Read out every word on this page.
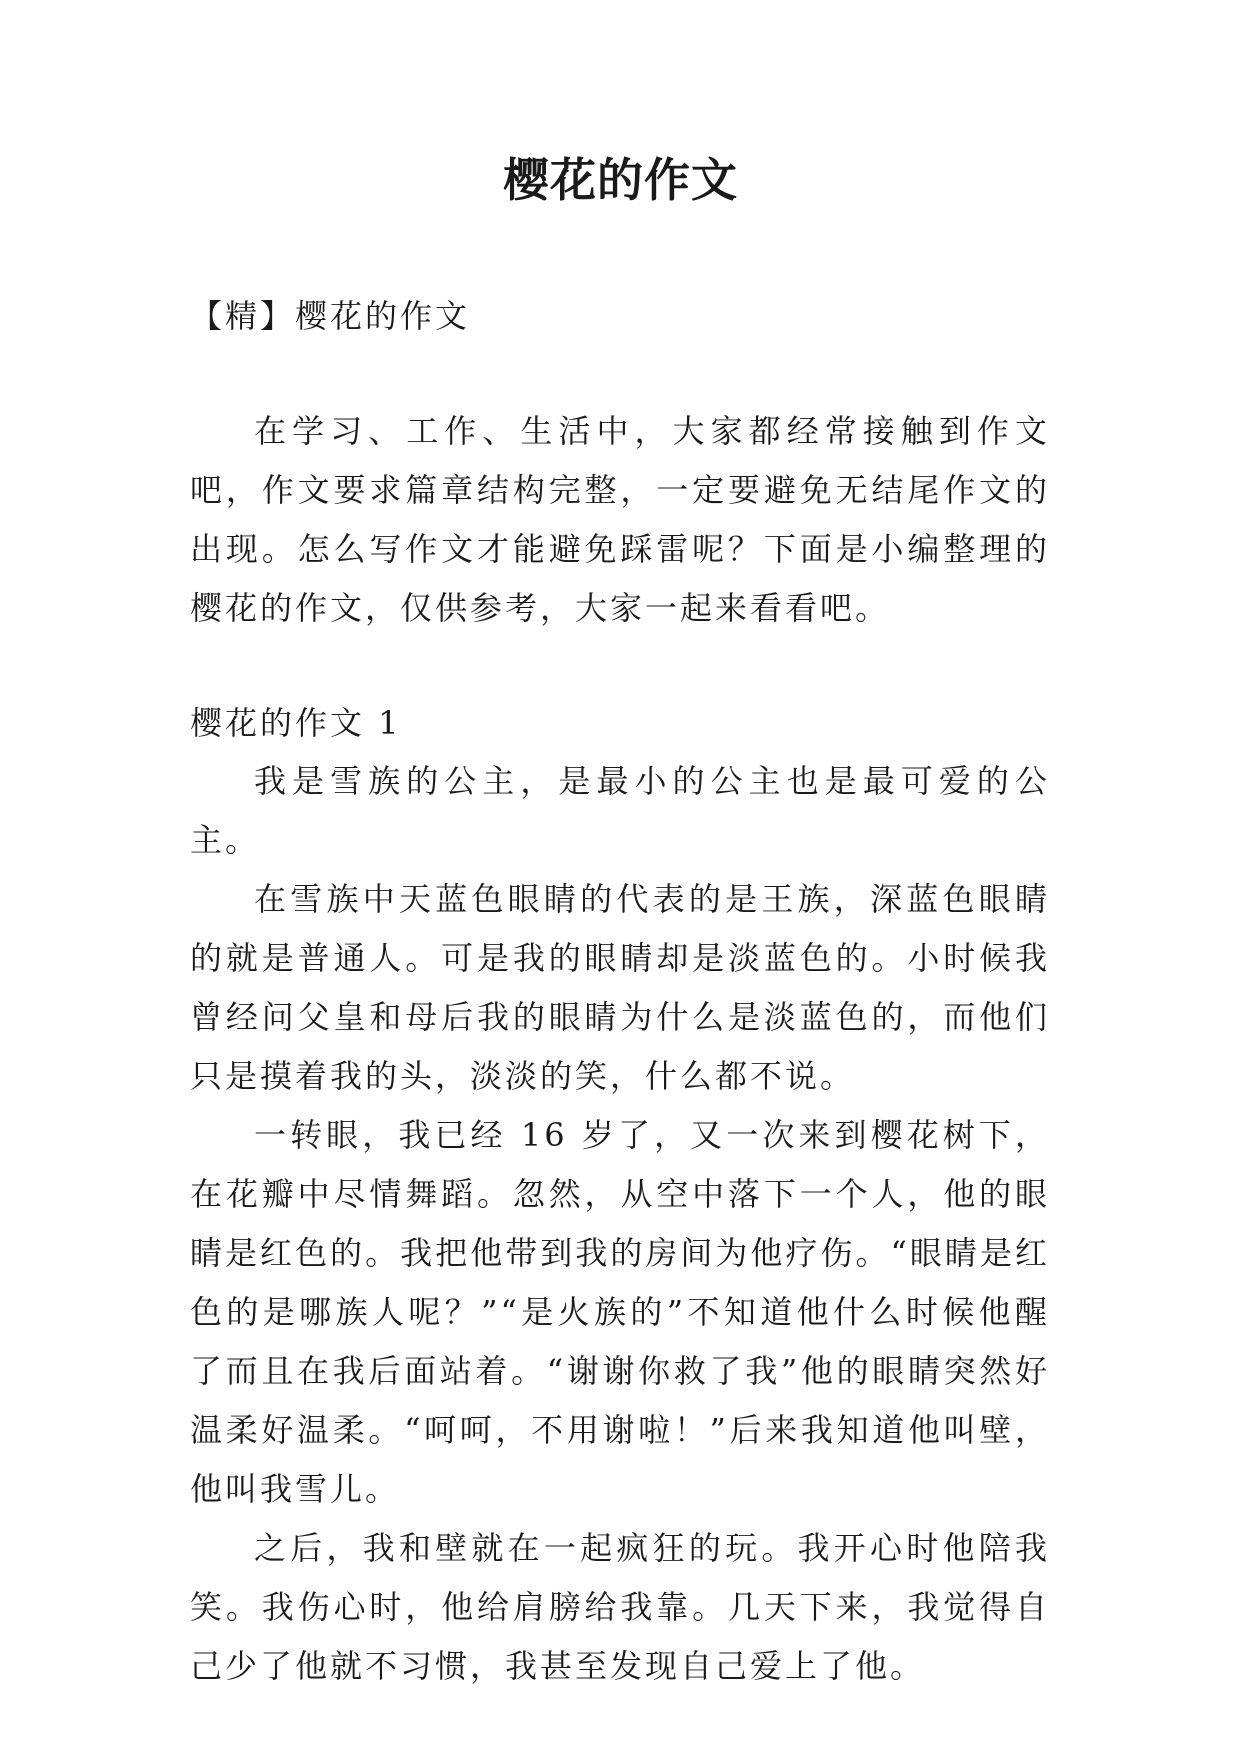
樱花的作文

【精】樱花的作文

在学习、工作、生活中，大家都经常接触到作文吧，作文要求篇章结构完整，一定要避免无结尾作文的出现。怎么写作文才能避免踩雷呢？下面是小编整理的樱花的作文，仅供参考，大家一起来看看吧。

樱花的作文 1

我是雪族的公主，是最小的公主也是最可爱的公主。

在雪族中天蓝色眼睛的代表的是王族，深蓝色眼睛的就是普通人。可是我的眼睛却是淡蓝色的。小时候我曾经问父皇和母后我的眼睛为什么是淡蓝色的，而他们只是摸着我的头，淡淡的笑，什么都不说。

一转眼，我已经 16 岁了，又一次来到樱花树下，在花瓣中尽情舞蹈。忽然，从空中落下一个人，他的眼睛是红色的。我把他带到我的房间为他疗伤。“眼睛是红色的是哪族人呢？”“是火族的”不知道他什么时候他醒了而且在我后面站着。“谢谢你救了我”他的眼睛突然好温柔好温柔。“呵呵，不用谢啦！”后来我知道他叫壁，他叫我雪儿。

之后，我和壁就在一起疯狂的玩。我开心时他陪我笑。我伤心时，他给肩膀给我靠。几天下来，我觉得自己少了他就不习惯，我甚至发现自己爱上了他。
